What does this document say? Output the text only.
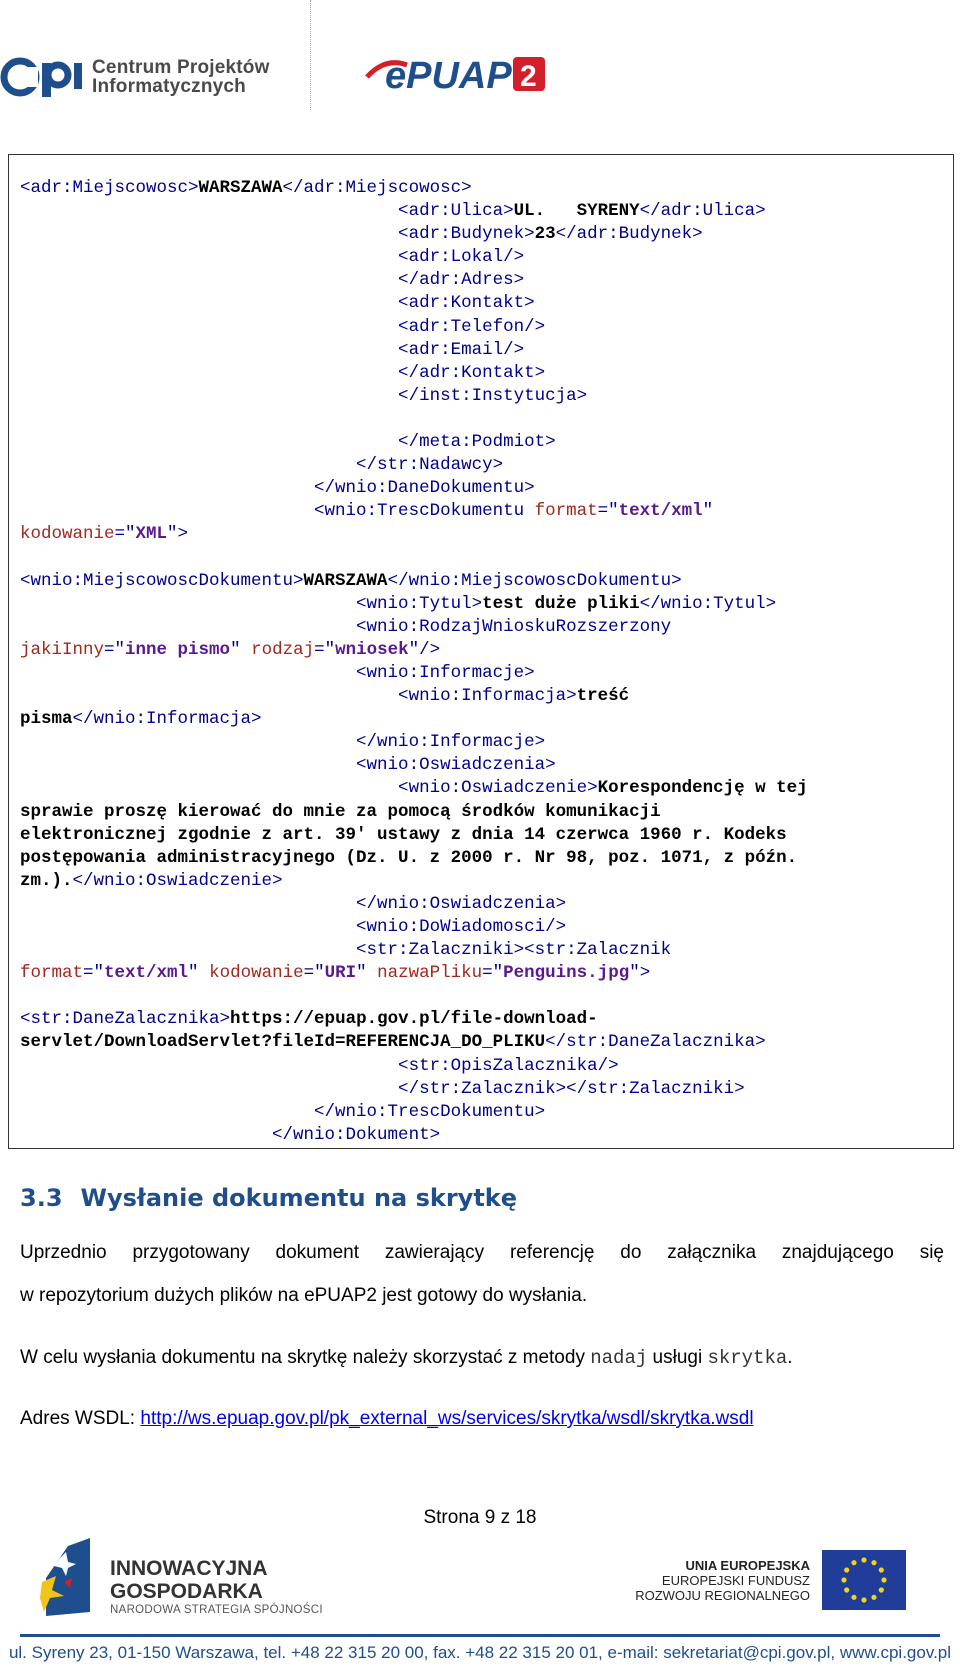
Centrum Projektów
Informatycznych	ePUAP 2
<adr:Miejscowosc>WARSZAWA</adr:Miejscowosc>
<adr:Ulica>UL.   SYRENY</adr:Ulica>
<adr:Budynek>23</adr:Budynek>
<adr:Lokal/>
</adr:Adres>
<adr:Kontakt>
<adr:Telefon/>
<adr:Email/>
</adr:Kontakt>
</inst:Instytucja>

</meta:Podmiot>
</str:Nadawcy>
</wnio:DaneDokumentu>
<wnio:TrescDokumentu format="text/xml"
kodowanie="XML">

<wnio:MiejscowoscDokumentu>WARSZAWA</wnio:MiejscowoscDokumentu>
<wnio:Tytul>test duże pliki</wnio:Tytul>
<wnio:RodzajWnioskuRozszerzony
jakiInny="inne pismo" rodzaj="wniosek"/>
<wnio:Informacje>
<wnio:Informacja>treść
pisma</wnio:Informacja>
</wnio:Informacje>
<wnio:Oswiadczenia>
<wnio:Oswiadczenie>Korespondencję w tej
sprawie proszę kierować do mnie za pomocą środków komunikacji
elektronicznej zgodnie z art. 39' ustawy z dnia 14 czerwca 1960 r. Kodeks
postępowania administracyjnego (Dz. U. z 2000 r. Nr 98, poz. 1071, z późn.
zm.).</wnio:Oswiadczenie>
</wnio:Oswiadczenia>
<wnio:DoWiadomosci/>
<str:Zalaczniki><str:Zalacznik
format="text/xml" kodowanie="URI" nazwaPliku="Penguins.jpg">

<str:DaneZalacznika>https://epuap.gov.pl/file-download-
servlet/DownloadServlet?fileId=REFERENCJA_DO_PLIKU</str:DaneZalacznika>
<str:OpisZalacznika/>
</str:Zalacznik></str:Zalaczniki>
</wnio:TrescDokumentu>
</wnio:Dokument>
3.3 Wysłanie dokumentu na skrytkę
Uprzednio przygotowany dokument zawierający referencję do załącznika znajdującego się
w repozytorium dużych plików na ePUAP2 jest gotowy do wysłania.
W celu wysłania dokumentu na skrytkę należy skorzystać z metody nadaj usługi skrytka.
Adres WSDL: http://ws.epuap.gov.pl/pk_external_ws/services/skrytka/wsdl/skrytka.wsdl
Strona 9 z 18
INNOWACYJNA
GOSPODARKA
NARODOWA STRATEGIA SPÓJNOŚCI
UNIA EUROPEJSKA
EUROPEJSKI FUNDUSZ
ROZWOJU REGIONALNEGO
ul. Syreny 23, 01-150 Warszawa, tel. +48 22 315 20 00, fax. +48 22 315 20 01, e-mail: sekretariat@cpi.gov.pl, www.cpi.gov.pl
